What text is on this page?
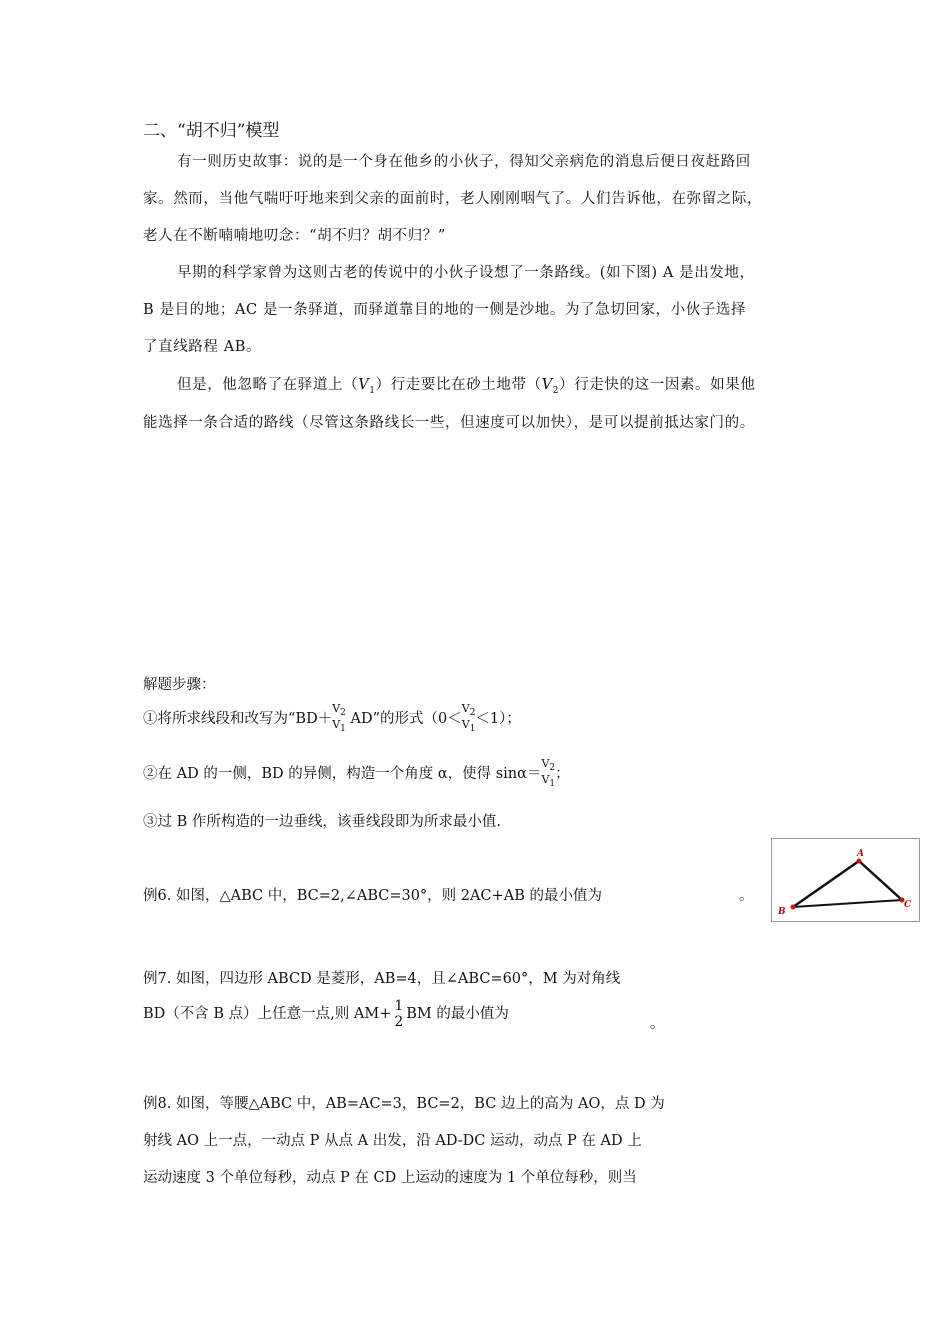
二、“胡不归”模型
有一则历史故事：说的是一个身在他乡的小伙子，得知父亲病危的消息后便日夜赶路回
家。然而，当他气喘吁吁地来到父亲的面前时，老人刚刚咽气了。人们告诉他，在弥留之际，
老人在不断喃喃地叨念：“胡不归？胡不归？”
早期的科学家曾为这则古老的传说中的小伙子设想了一条路线。(如下图) A 是出发地，
B 是目的地；AC 是一条驿道，而驿道靠目的地的一侧是沙地。为了急切回家，小伙子选择
了直线路程 AB。
但是，他忽略了在驿道上$(V_1)$行走要比在砂土地带$(V_2)$行走快的这一因素。如果他
能选择一条合适的路线（尽管这条路线长一些，但速度可以加快），是可以提前抵达家门的。
解题步骤：
①将所求线段和改写为“BD＋
$V_2$
$V_1$
AD”的形式（0＜
$V_2$
$V_1$
＜1）；
②在 AD 的一侧，BD 的异侧，构造一个角度 α，使得 sinα＝
$V_2$
$V_1$
；
③过 B 作所构造的一边垂线，该垂线段即为所求最小值.
例6. 如图，△ABC 中，BC=2,∠ABC=30°，则 2AC+AB 的最小值为	。
A
B
C
例7. 如图，四边形 ABCD 是菱形，AB=4，且∠ABC=60°，M 为对角线
BD（不含 B 点）上任意一点,则 AM+ 1
2 BM 的最小值为
。
例8. 如图，等腰△ABC 中，AB=AC=3，BC=2，BC 边上的高为 AO，点 D 为
射线 AO 上一点，一动点 P 从点 A 出发，沿 AD-DC 运动，动点 P 在 AD 上
运动速度 3 个单位每秒，动点 P 在 CD 上运动的速度为 1 个单位每秒，则当
